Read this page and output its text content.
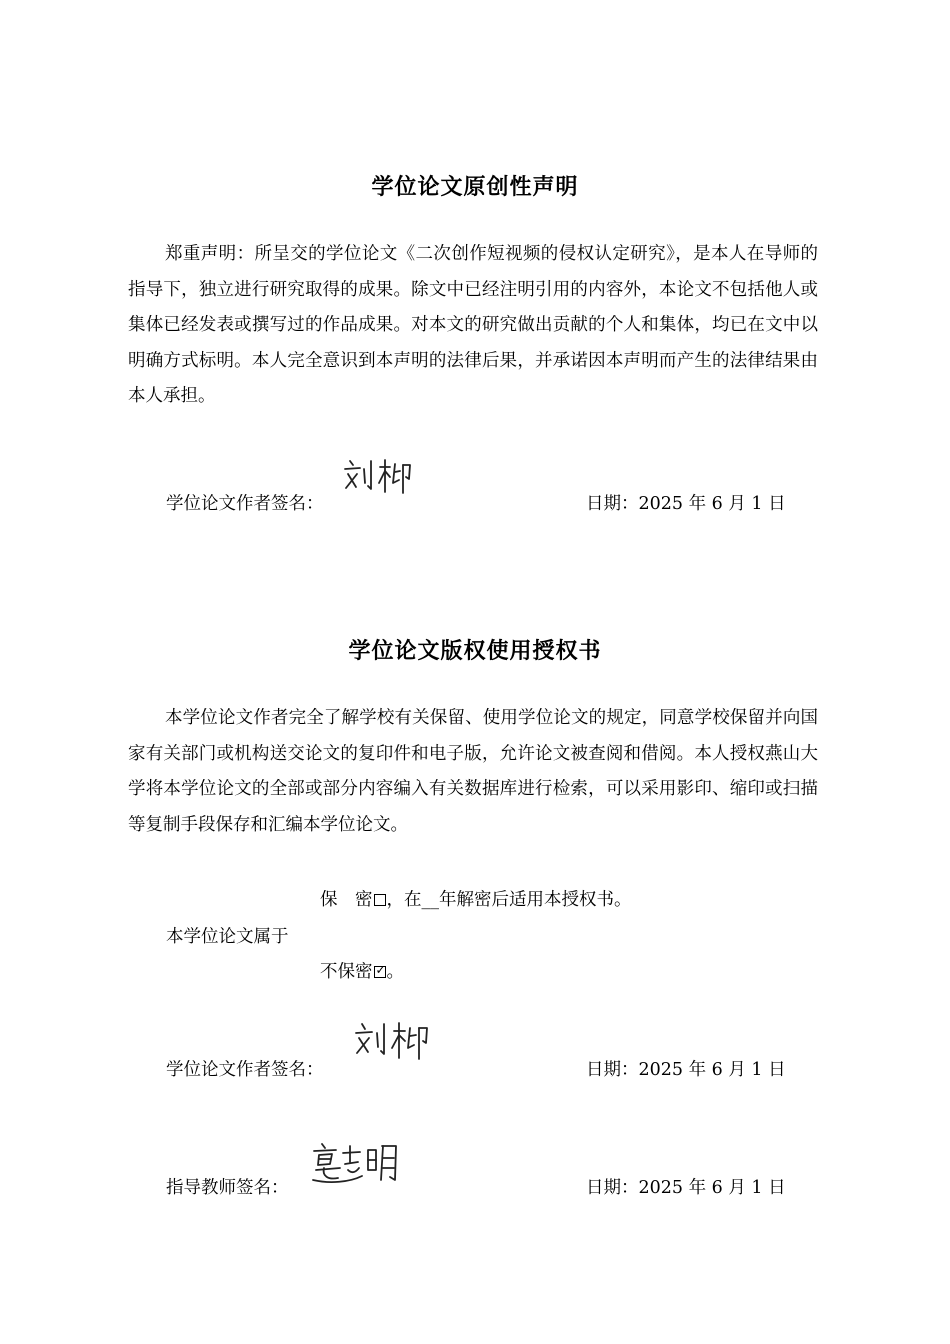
学位论文原创性声明
郑重声明：所呈交的学位论文《二次创作短视频的侵权认定研究》，是本人在导师的指导下，独立进行研究取得的成果。除文中已经注明引用的内容外，本论文不包括他人或集体已经发表或撰写过的作品成果。对本文的研究做出贡献的个人和集体，均已在文中以明确方式标明。本人完全意识到本声明的法律后果，并承诺因本声明而产生的法律结果由本人承担。
学位论文作者签名：	日期：2025 年 6 月 1 日
学位论文版权使用授权书
本学位论文作者完全了解学校有关保留、使用学位论文的规定，同意学校保留并向国家有关部门或机构送交论文的复印件和电子版，允许论文被查阅和借阅。本人授权燕山大学将本学位论文的全部或部分内容编入有关数据库进行检索，可以采用影印、缩印或扫描等复制手段保存和汇编本学位论文。
保　密 ，在__年解密后适用本授权书。
本学位论文属于
不保密 ✓ 。
学位论文作者签名：	日期：2025 年 6 月 1 日
指导教师签名：	日期：2025 年 6 月 1 日
